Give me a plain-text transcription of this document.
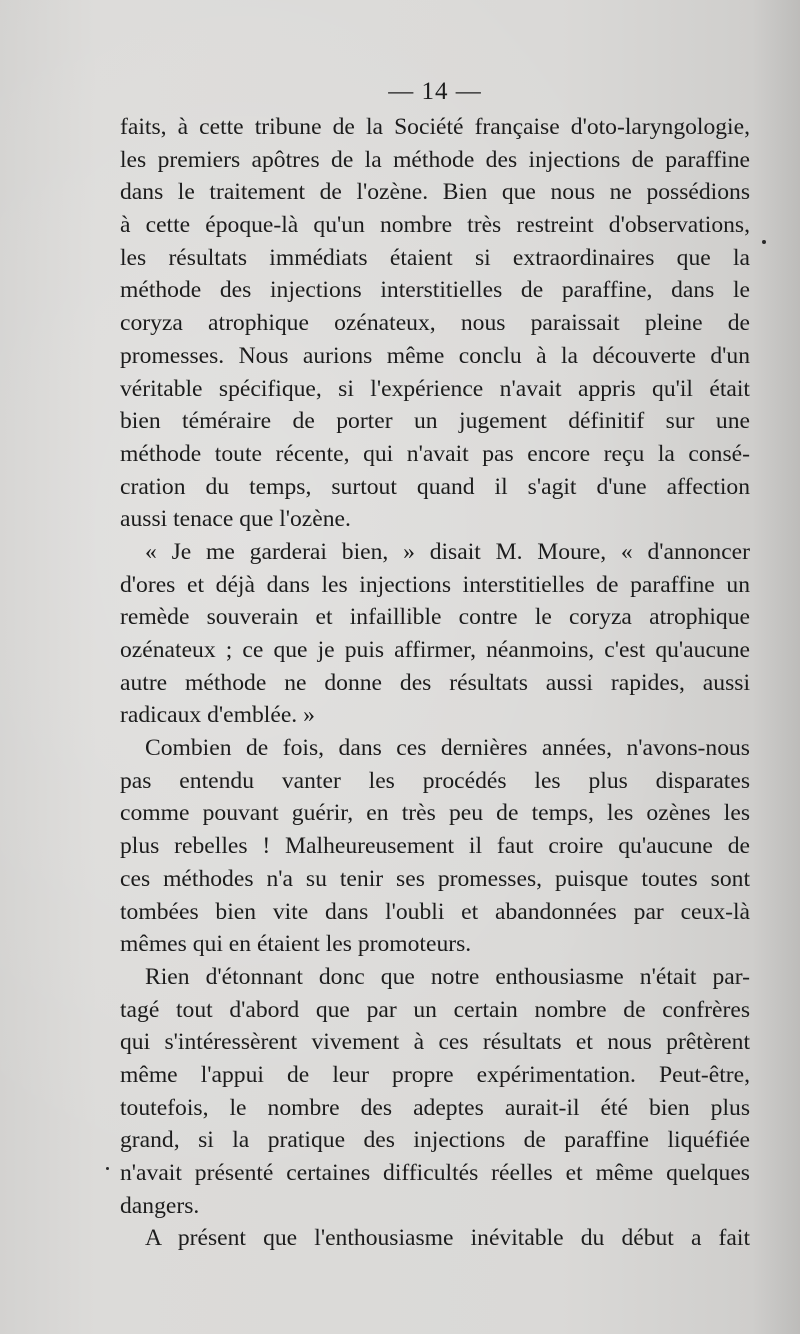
— 14 —
faits, à cette tribune de la Société française d'oto-laryngologie,
les premiers apôtres de la méthode des injections de paraffine
dans le traitement de l'ozène. Bien que nous ne possédions
à cette époque-là qu'un nombre très restreint d'observations,
les résultats immédiats étaient si extraordinaires que la
méthode des injections interstitielles de paraffine, dans le
coryza atrophique ozénateux, nous paraissait pleine de
promesses. Nous aurions même conclu à la découverte d'un
véritable spécifique, si l'expérience n'avait appris qu'il était
bien téméraire de porter un jugement définitif sur une
méthode toute récente, qui n'avait pas encore reçu la consé-
cration du temps, surtout quand il s'agit d'une affection
aussi tenace que l'ozène.
« Je me garderai bien, » disait M. Moure, « d'annoncer
d'ores et déjà dans les injections interstitielles de paraffine un
remède souverain et infaillible contre le coryza atrophique
ozénateux ; ce que je puis affirmer, néanmoins, c'est qu'aucune
autre méthode ne donne des résultats aussi rapides, aussi
radicaux d'emblée. »
Combien de fois, dans ces dernières années, n'avons-nous
pas entendu vanter les procédés les plus disparates
comme pouvant guérir, en très peu de temps, les ozènes les
plus rebelles ! Malheureusement il faut croire qu'aucune de
ces méthodes n'a su tenir ses promesses, puisque toutes sont
tombées bien vite dans l'oubli et abandonnées par ceux-là
mêmes qui en étaient les promoteurs.
Rien d'étonnant donc que notre enthousiasme n'était par-
tagé tout d'abord que par un certain nombre de confrères
qui s'intéressèrent vivement à ces résultats et nous prêtèrent
même l'appui de leur propre expérimentation. Peut-être,
toutefois, le nombre des adeptes aurait-il été bien plus
grand, si la pratique des injections de paraffine liquéfiée
n'avait présenté certaines difficultés réelles et même quelques
dangers.
A présent que l'enthousiasme inévitable du début a fait
